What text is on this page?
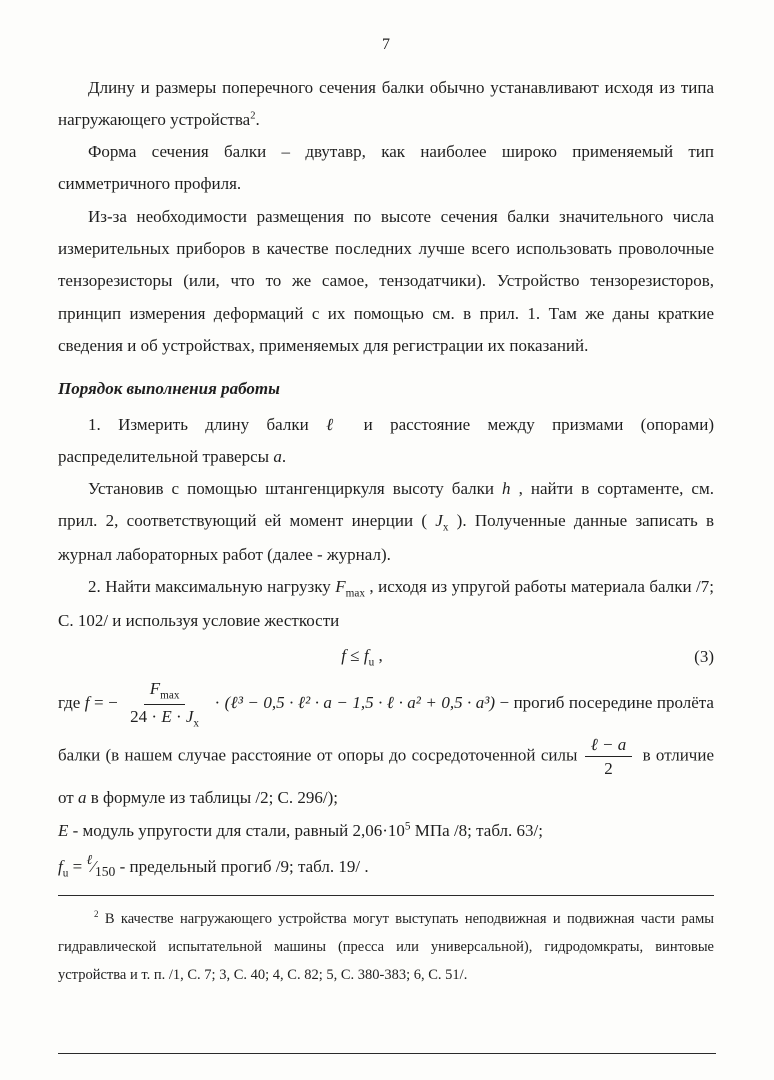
7

Длину и размеры поперечного сечения балки обычно устанавливают исходя из типа нагружающего устройства$^2$.

Форма сечения балки – двутавр, как наиболее широко применяемый тип симметричного профиля.

Из-за необходимости размещения по высоте сечения балки значительного числа измерительных приборов в качестве последних лучше всего использовать проволочные тензорезисторы (или, что то же самое, тензодатчики). Устройство тензорезисторов, принцип измерения деформаций с их помощью см. в прил. 1. Там же даны краткие сведения и об устройствах, применяемых для регистрации их показаний.

Порядок выполнения работы

1. Измерить длину балки ℓ и расстояние между призмами (опорами) распределительной траверсы a.

Установив с помощью штангенциркуля высоту балки h , найти в сортаменте, см. прил. 2, соответствующий ей момент инерции ( $J_x$ ). Полученные данные записать в журнал лабораторных работ (далее - журнал).

2. Найти максимальную нагрузку $F_{max}$ , исходя из упругой работы материала балки /7; С. 102/ и используя условие жесткости

$f \le f_u$ ,	(3)

где f = − $\frac{F_{max}}{24 \cdot E \cdot J_x}$ · (ℓ³ − 0,5 · ℓ² · a − 1,5 · ℓ · a² + 0,5 · a³) − прогиб посередине пролёта балки (в нашем случае расстояние от опоры до сосредоточенной силы $\frac{\text{ℓ − a}}{2}$ в отличие от a в формуле из таблицы /2; С. 296/);

E - модуль упругости для стали, равный $2,06\cdot 10^5$ МПа /8; табл. 63/;

$f_u$ = $^\ell⁄_{150}$ - предельный прогиб /9; табл. 19/ .

$^2$ В качестве нагружающего устройства могут выступать неподвижная и подвижная части рамы гидравлической испытательной машины (пресса или универсальной), гидродомкраты, винтовые устройства и т. п. /1, С. 7; 3, С. 40; 4, С. 82; 5, С. 380-383; 6, С. 51/.
